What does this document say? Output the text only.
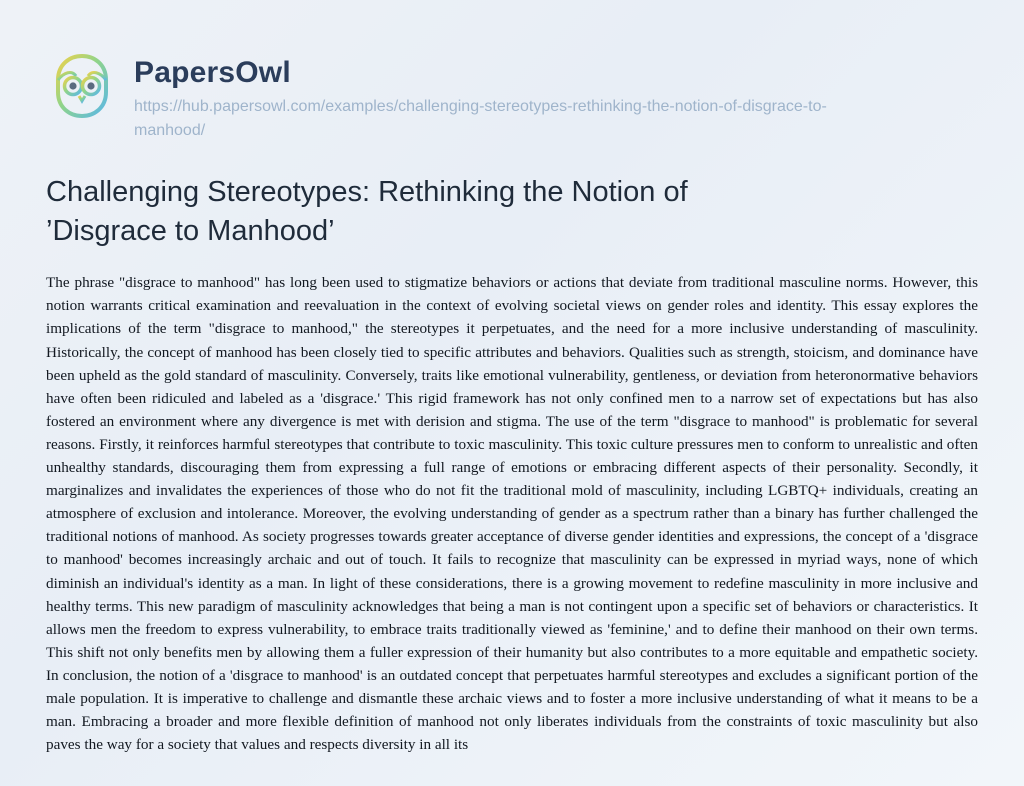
PapersOwl
https://hub.papersowl.com/examples/challenging-stereotypes-rethinking-the-notion-of-disgrace-to-manhood/
Challenging Stereotypes: Rethinking the Notion of ’Disgrace to Manhood’

The phrase "disgrace to manhood" has long been used to stigmatize behaviors or actions that deviate from traditional masculine norms. However, this notion warrants critical examination and reevaluation in the context of evolving societal views on gender roles and identity. This essay explores the implications of the term "disgrace to manhood," the stereotypes it perpetuates, and the need for a more inclusive understanding of masculinity. Historically, the concept of manhood has been closely tied to specific attributes and behaviors. Qualities such as strength, stoicism, and dominance have been upheld as the gold standard of masculinity. Conversely, traits like emotional vulnerability, gentleness, or deviation from heteronormative behaviors have often been ridiculed and labeled as a 'disgrace.' This rigid framework has not only confined men to a narrow set of expectations but has also fostered an environment where any divergence is met with derision and stigma. The use of the term "disgrace to manhood" is problematic for several reasons. Firstly, it reinforces harmful stereotypes that contribute to toxic masculinity. This toxic culture pressures men to conform to unrealistic and often unhealthy standards, discouraging them from expressing a full range of emotions or embracing different aspects of their personality. Secondly, it marginalizes and invalidates the experiences of those who do not fit the traditional mold of masculinity, including LGBTQ+ individuals, creating an atmosphere of exclusion and intolerance. Moreover, the evolving understanding of gender as a spectrum rather than a binary has further challenged the traditional notions of manhood. As society progresses towards greater acceptance of diverse gender identities and expressions, the concept of a 'disgrace to manhood' becomes increasingly archaic and out of touch. It fails to recognize that masculinity can be expressed in myriad ways, none of which diminish an individual's identity as a man. In light of these considerations, there is a growing movement to redefine masculinity in more inclusive and healthy terms. This new paradigm of masculinity acknowledges that being a man is not contingent upon a specific set of behaviors or characteristics. It allows men the freedom to express vulnerability, to embrace traits traditionally viewed as 'feminine,' and to define their manhood on their own terms. This shift not only benefits men by allowing them a fuller expression of their humanity but also contributes to a more equitable and empathetic society. In conclusion, the notion of a 'disgrace to manhood' is an outdated concept that perpetuates harmful stereotypes and excludes a significant portion of the male population. It is imperative to challenge and dismantle these archaic views and to foster a more inclusive understanding of what it means to be a man. Embracing a broader and more flexible definition of manhood not only liberates individuals from the constraints of toxic masculinity but also paves the way for a society that values and respects diversity in all its
